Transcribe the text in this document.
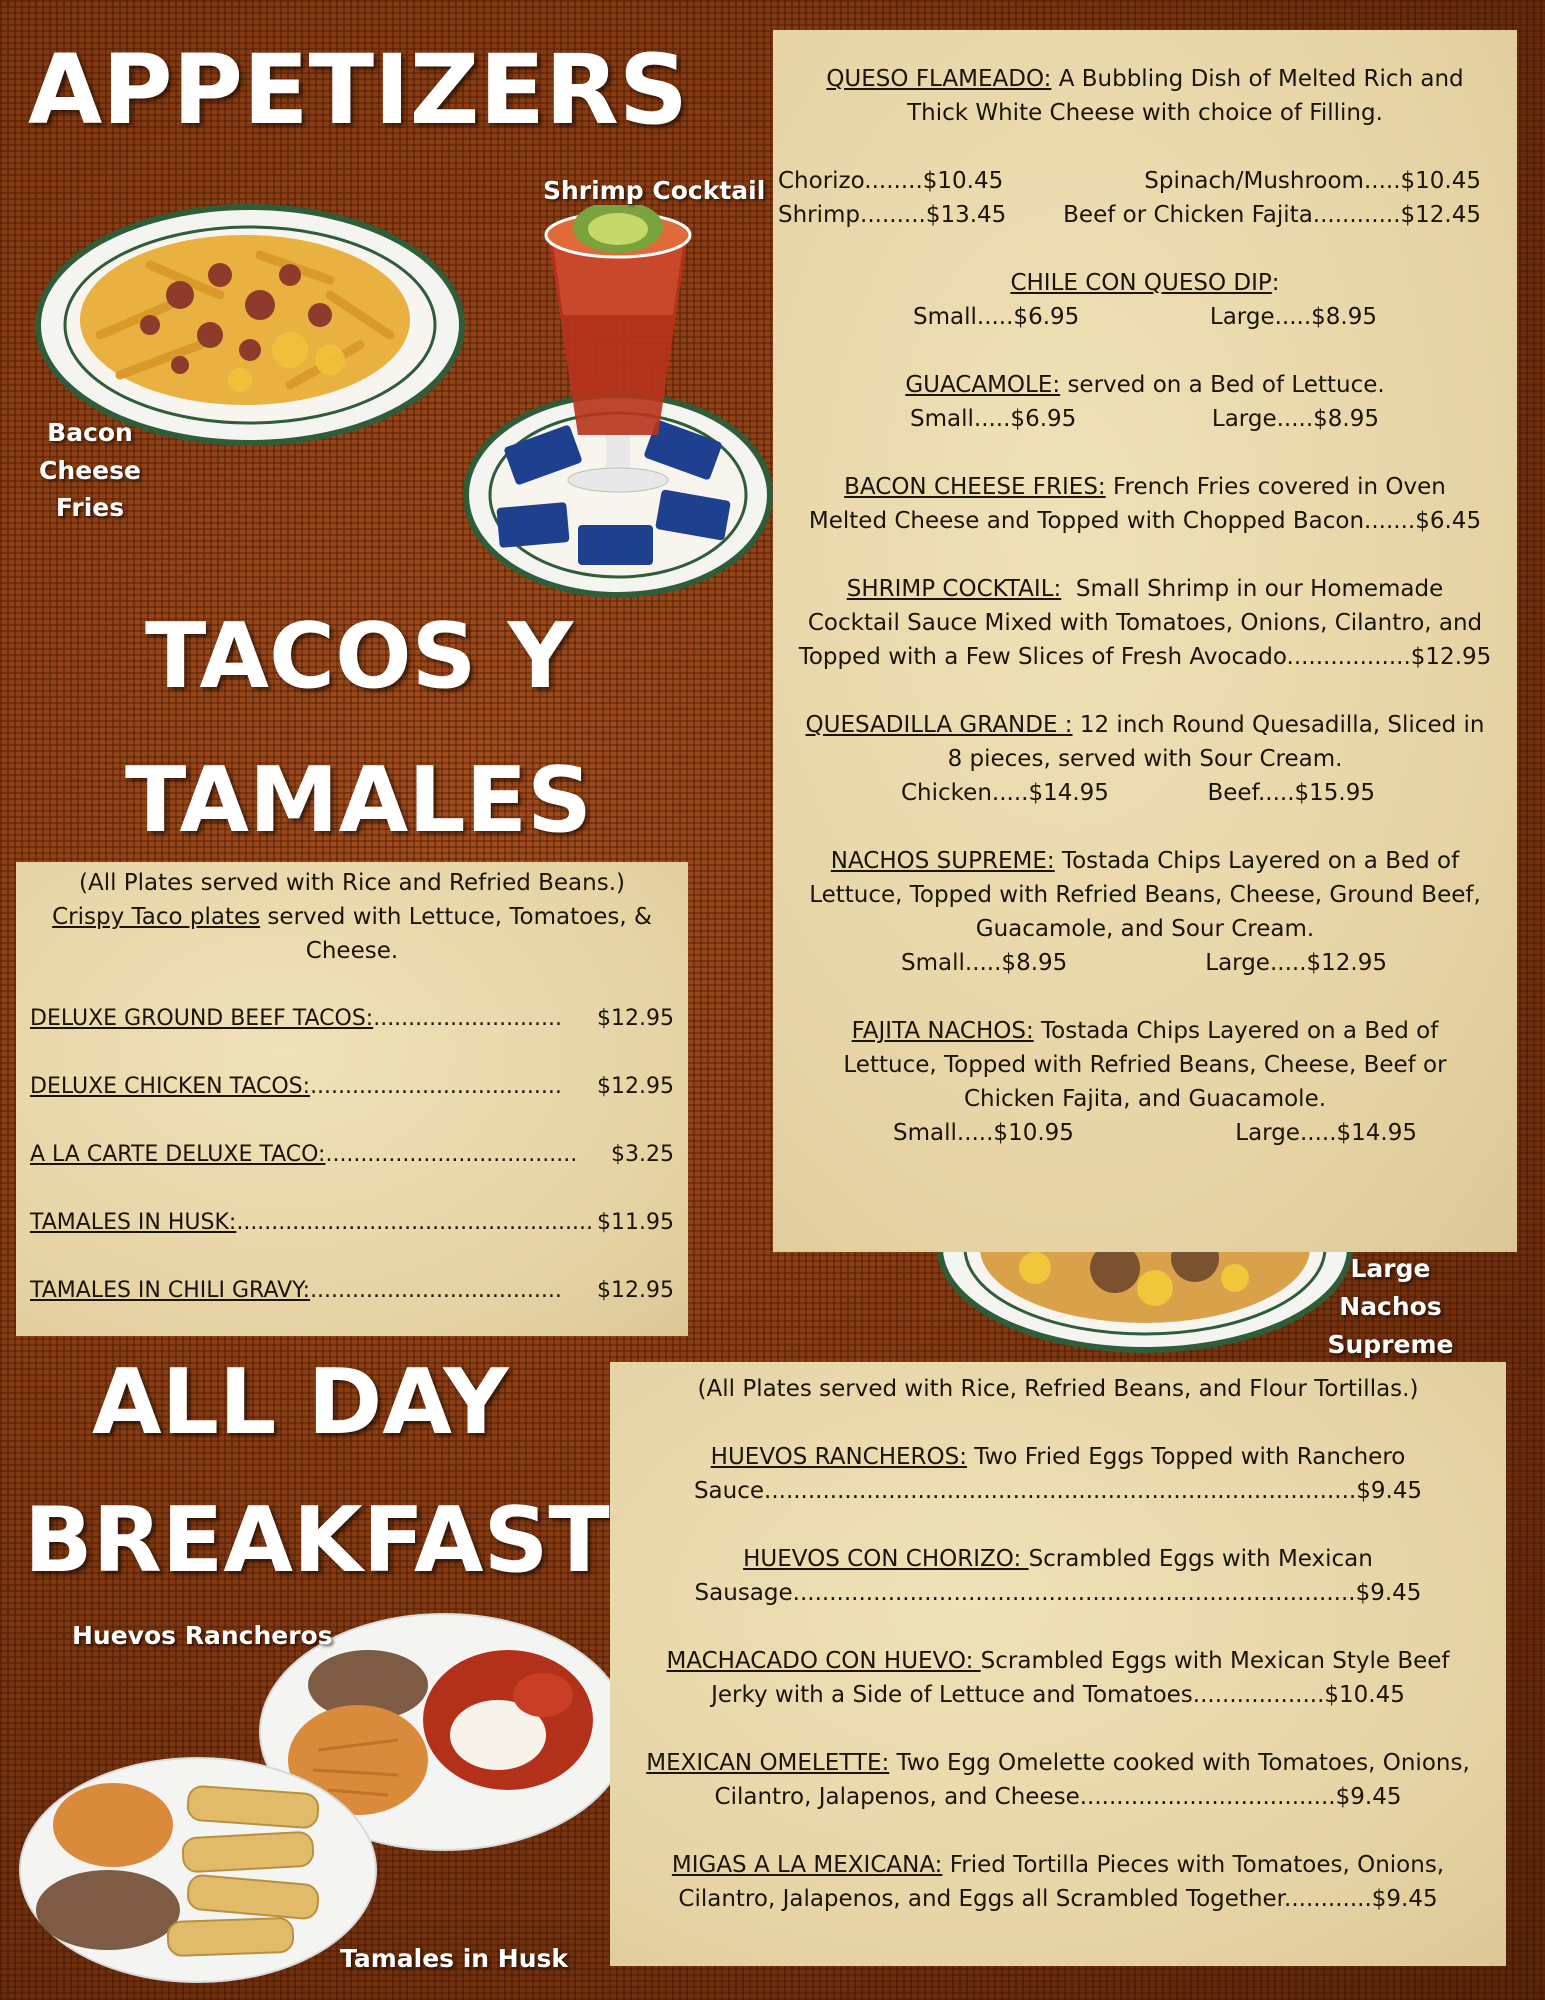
APPETIZERS
TACOS Y
TAMALES
ALL DAY
BREAKFAST
Shrimp Cocktail
Bacon
Cheese Fries
Large
Nachos
Supreme
Huevos Rancheros
Tamales in Husk
QUESO FLAMEADO: A Bubbling Dish of Melted Rich and
Thick White Cheese with choice of Filling.
Chorizo........$10.45	Spinach/Mushroom.....$10.45
Shrimp.........$13.45 Beef or Chicken Fajita............$12.45
CHILE CON QUESO DIP:
Small.....$6.95	Large.....$8.95
GUACAMOLE: served on a Bed of Lettuce.
Small.....$6.95	Large.....$8.95
BACON CHEESE FRIES: French Fries covered in Oven
Melted Cheese and Topped with Chopped Bacon.......$6.45
SHRIMP COCKTAIL:  Small Shrimp in our Homemade
Cocktail Sauce Mixed with Tomatoes, Onions, Cilantro, and
Topped with a Few Slices of Fresh Avocado.................$12.95
QUESADILLA GRANDE : 12 inch Round Quesadilla, Sliced in
8 pieces, served with Sour Cream.
Chicken.....$14.95	Beef.....$15.95
NACHOS SUPREME: Tostada Chips Layered on a Bed of
Lettuce, Topped with Refried Beans, Cheese, Ground Beef,
Guacamole, and Sour Cream.
Small.....$8.95	Large.....$12.95
FAJITA NACHOS: Tostada Chips Layered on a Bed of
Lettuce, Topped with Refried Beans, Cheese, Beef or
Chicken Fajita, and Guacamole.
Small.....$10.95	Large.....$14.95
(All Plates served with Rice and Refried Beans.)
Crispy Taco plates served with Lettuce, Tomatoes, &
Cheese.
DELUXE GROUND BEEF TACOS: ...........................	$12.95
DELUXE CHICKEN TACOS: ....................................	$12.95
A LA CARTE DELUXE TACO: ....................................	$3.25
TAMALES IN HUSK: ................................................... $11.95
TAMALES IN CHILI GRAVY: ....................................	$12.95
(All Plates served with Rice, Refried Beans, and Flour Tortillas.)
HUEVOS RANCHEROS: Two Fried Eggs Topped with Ranchero
Sauce.................................................................................$9.45
HUEVOS CON CHORIZO: Scrambled Eggs with Mexican
Sausage.............................................................................$9.45
MACHACADO CON HUEVO: Scrambled Eggs with Mexican Style Beef
Jerky with a Side of Lettuce and Tomatoes..................$10.45
MEXICAN OMELETTE: Two Egg Omelette cooked with Tomatoes, Onions,
Cilantro, Jalapenos, and Cheese...................................$9.45
MIGAS A LA MEXICANA: Fried Tortilla Pieces with Tomatoes, Onions,
Cilantro, Jalapenos, and Eggs all Scrambled Together............$9.45
